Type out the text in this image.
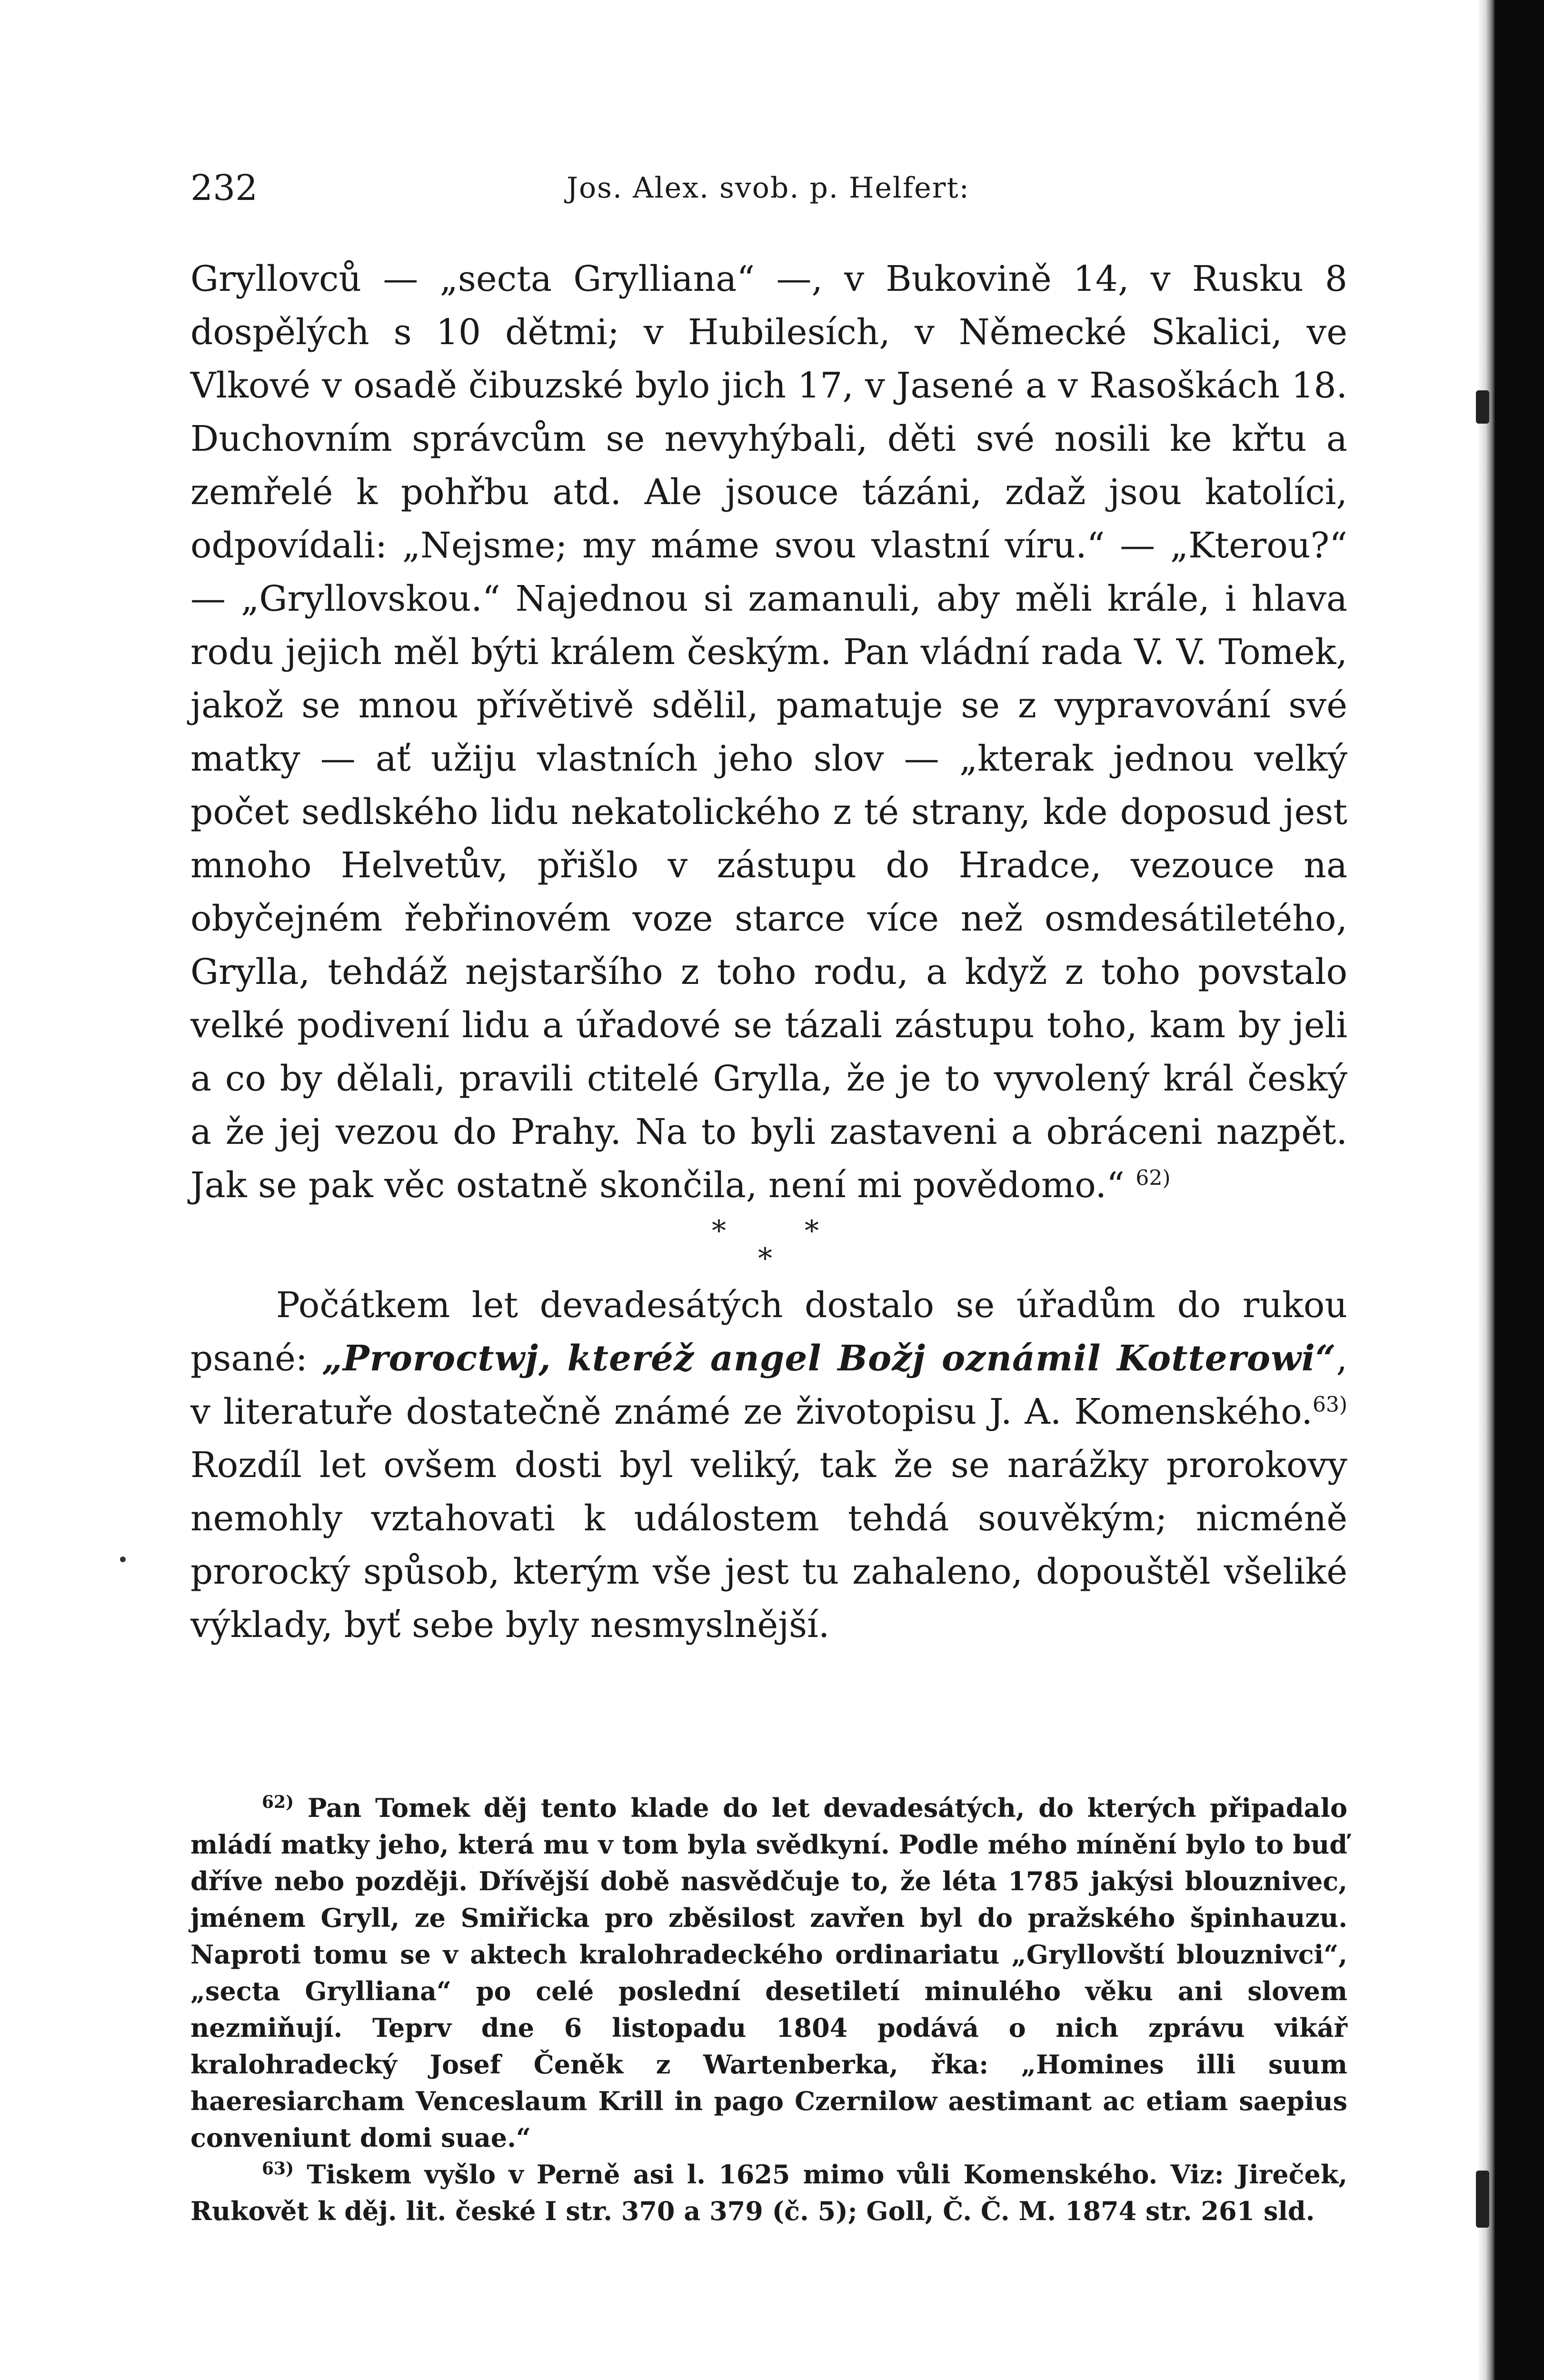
232	Jos. Alex. svob. p. Helfert:

Gryllovců — „secta Grylliana“ —, v Bukovině 14, v Rusku 8 dospělých s 10 dětmi; v Hubilesích, v Německé Skalici, ve Vlkové v osadě čibuzské bylo jich 17, v Jasené a v Rasoškách 18. Duchovním správcům se nevyhýbali, děti své nosili ke křtu a zemřelé k pohřbu atd. Ale jsouce tázáni, zdaž jsou katolíci, odpovídali: „Nejsme; my máme svou vlastní víru.“ — „Kterou?“ — „Gryllovskou.“ Najednou si zamanuli, aby měli krále, i hlava rodu jejich měl býti králem českým. Pan vládní rada V. V. Tomek, jakož se mnou přívětivě sdělil, pamatuje se z vypravování své matky — ať užiju vlastních jeho slov — „kterak jednou velký počet sedlského lidu nekatolického z té strany, kde doposud jest mnoho Helvetův, přišlo v zástupu do Hradce, vezouce na obyčejném řebřinovém voze starce více než osmdesátiletého, Grylla, tehdáž nejstaršího z toho rodu, a když z toho povstalo velké podivení lidu a úřadové se tázali zástupu toho, kam by jeli a co by dělali, pravili ctitelé Grylla, že je to vyvolený král český a že jej vezou do Prahy. Na to byli zastaveni a obráceni nazpět. Jak se pak věc ostatně skončila, není mi povědomo.“ $^{62)}$

*	*
*

Počátkem let devadesátých dostalo se úřadům do rukou psané: „Proroctwj, kteréž angel Božj oznámil Kotterowi“, v literatuře dostatečně známé ze životopisu J. A. Komenského.$^{63)}$ Rozdíl let ovšem dosti byl veliký, tak že se narážky prorokovy nemohly vztahovati k událostem tehdá souvěkým; nicméně prorocký spůsob, kterým vše jest tu zahaleno, dopouštěl všeliké výklady, byť sebe byly nesmyslnější.

$^{62)}$ Pan Tomek děj tento klade do let devadesátých, do kterých připadalo mládí matky jeho, která mu v tom byla svědkyní. Podle mého mínění bylo to buď dříve nebo později. Dřívější době nasvědčuje to, že léta 1785 jakýsi blouznivec, jménem Gryll, ze Smiřicka pro zběsilost zavřen byl do pražského špinhauzu. Naproti tomu se v aktech kralohradeckého ordinariatu „Gryllovští blouznivci“, „secta Grylliana“ po celé poslední desetiletí minulého věku ani slovem nezmiňují. Teprv dne 6 listopadu 1804 podává o nich zprávu vikář kralohradecký Josef Čeněk z Wartenberka, řka: „Homines illi suum haeresiarcham Venceslaum Krill in pago Czernilow aestimant ac etiam saepius conveniunt domi suae.“

$^{63)}$ Tiskem vyšlo v Perně asi l. 1625 mimo vůli Komenského. Viz: Jireček, Rukovět k děj. lit. české I str. 370 a 379 (č. 5); Goll, Č. Č. M. 1874 str. 261 sld.
